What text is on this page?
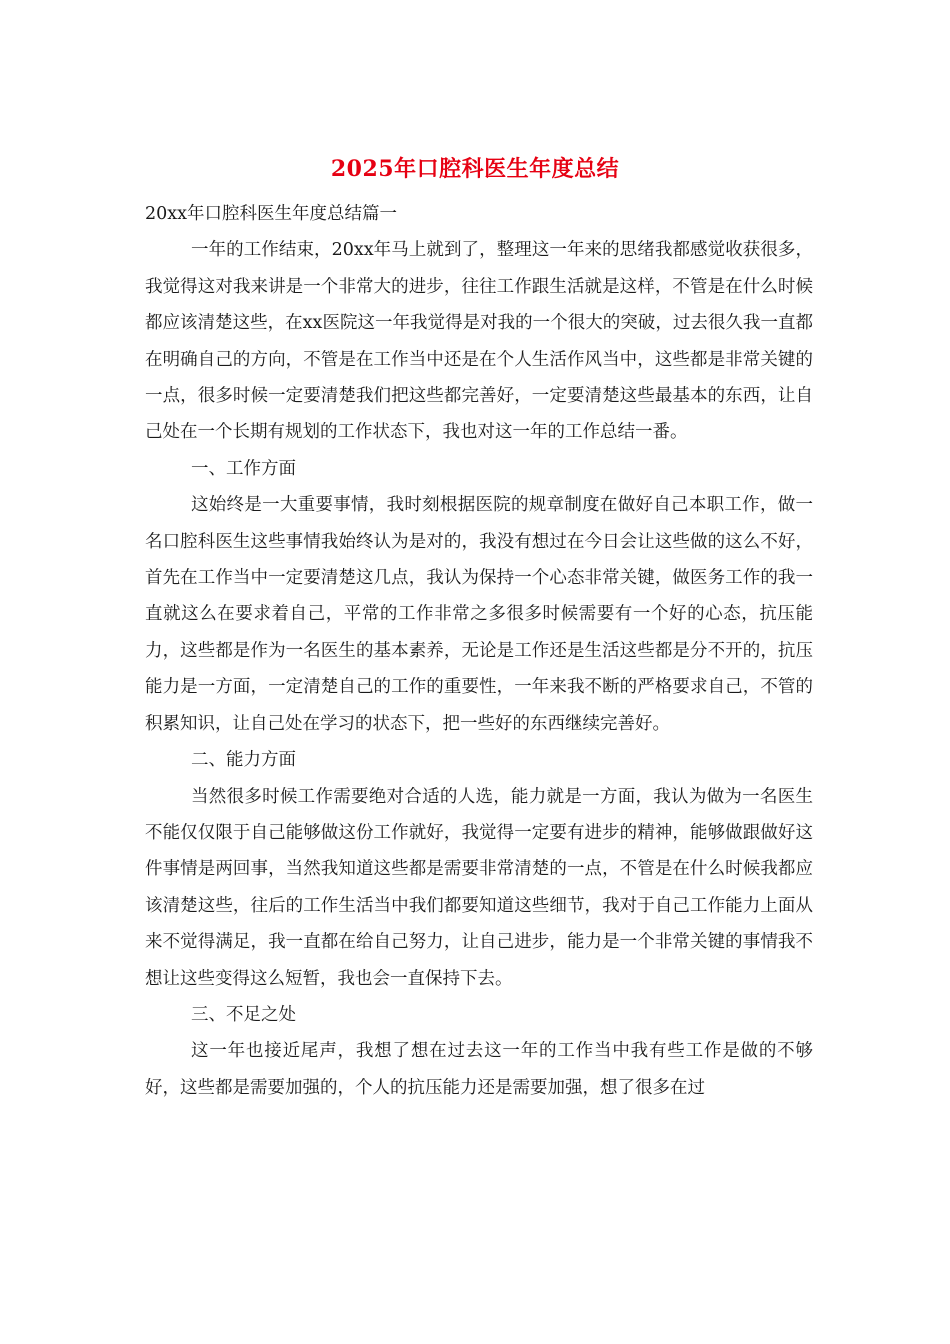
2025年口腔科医生年度总结

20xx年口腔科医生年度总结篇一

一年的工作结束，20xx年马上就到了，整理这一年来的思绪我都感觉收获很多，我觉得这对我来讲是一个非常大的进步，往往工作跟生活就是这样，不管是在什么时候都应该清楚这些，在xx医院这一年我觉得是对我的一个很大的突破，过去很久我一直都在明确自己的方向，不管是在工作当中还是在个人生活作风当中，这些都是非常关键的一点，很多时候一定要清楚我们把这些都完善好，一定要清楚这些最基本的东西，让自己处在一个长期有规划的工作状态下，我也对这一年的工作总结一番。

一、工作方面

这始终是一大重要事情，我时刻根据医院的规章制度在做好自己本职工作，做一名口腔科医生这些事情我始终认为是对的，我没有想过在今日会让这些做的这么不好，首先在工作当中一定要清楚这几点，我认为保持一个心态非常关键，做医务工作的我一直就这么在要求着自己，平常的工作非常之多很多时候需要有一个好的心态，抗压能力，这些都是作为一名医生的基本素养，无论是工作还是生活这些都是分不开的，抗压能力是一方面，一定清楚自己的工作的重要性，一年来我不断的严格要求自己，不管的积累知识，让自己处在学习的状态下，把一些好的东西继续完善好。

二、能力方面

当然很多时候工作需要绝对合适的人选，能力就是一方面，我认为做为一名医生不能仅仅限于自己能够做这份工作就好，我觉得一定要有进步的精神，能够做跟做好这件事情是两回事，当然我知道这些都是需要非常清楚的一点，不管是在什么时候我都应该清楚这些，往后的工作生活当中我们都要知道这些细节，我对于自己工作能力上面从来不觉得满足，我一直都在给自己努力，让自己进步，能力是一个非常关键的事情我不想让这些变得这么短暂，我也会一直保持下去。

三、不足之处

这一年也接近尾声，我想了想在过去这一年的工作当中我有些工作是做的不够好，这些都是需要加强的，个人的抗压能力还是需要加强，想了很多在过
